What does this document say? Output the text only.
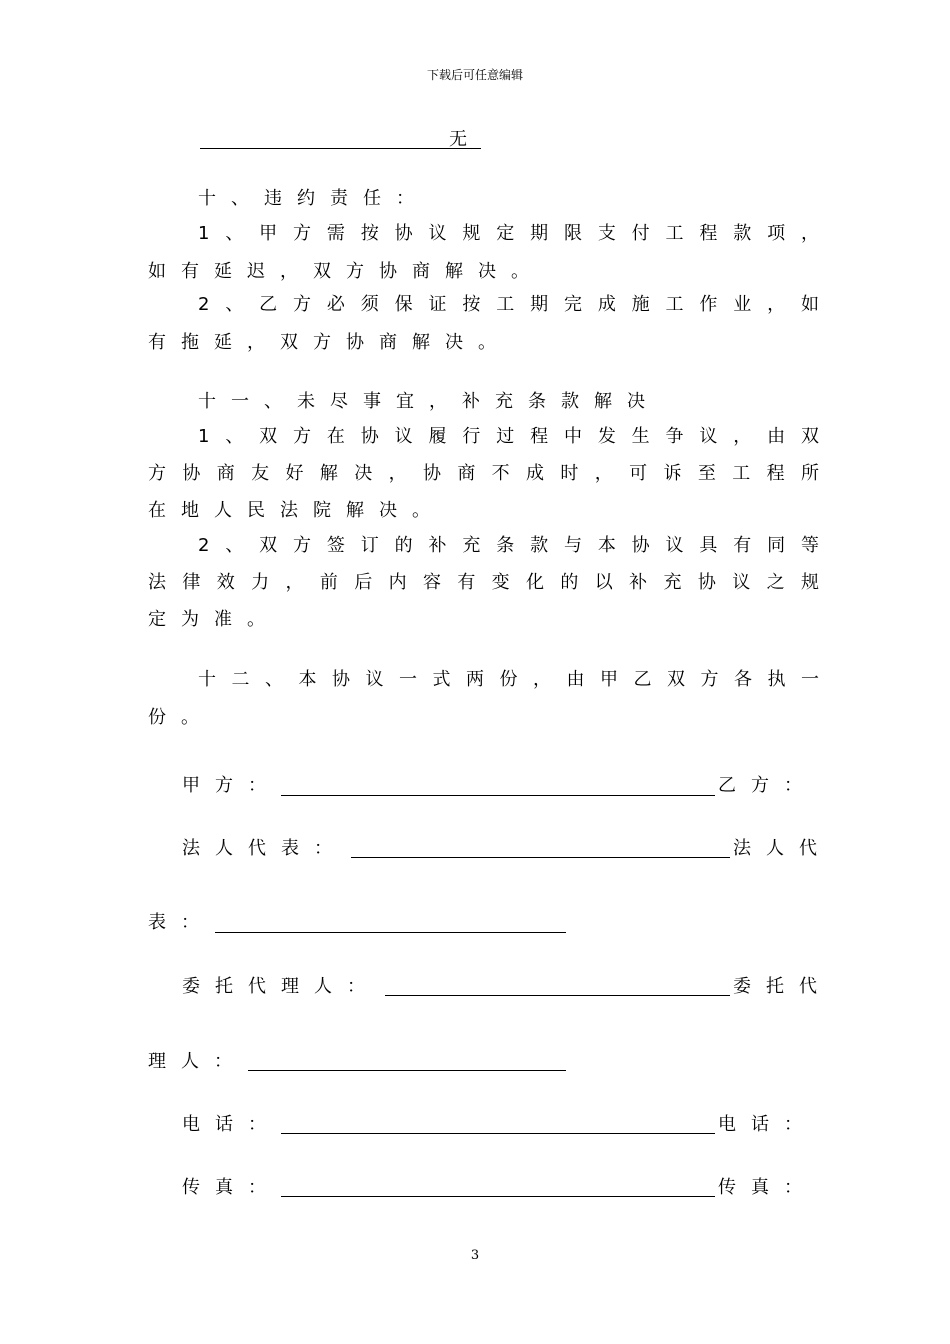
下载后可任意编辑
无
十、违约责任：
1、甲方需按协议规定期限支付工程款项，
如有延迟，双方协商解决。
2、乙方必须保证按工期完成施工作业，如
有拖延，双方协商解决。
十一、未尽事宜，补充条款解决
1、双方在协议履行过程中发生争议，由双
方协商友好解决，协商不成时，可诉至工程所
在地人民法院解决。
2、双方签订的补充条款与本协议具有同等
法律效力，前后内容有变化的以补充协议之规
定为准。
十二、本协议一式两份，由甲乙双方各执一
份。
甲方：	乙方：
法人代表：	法人代
表：
委托代理人：	委托代
理人：
电话：	电话：
传真：	传真：
3
